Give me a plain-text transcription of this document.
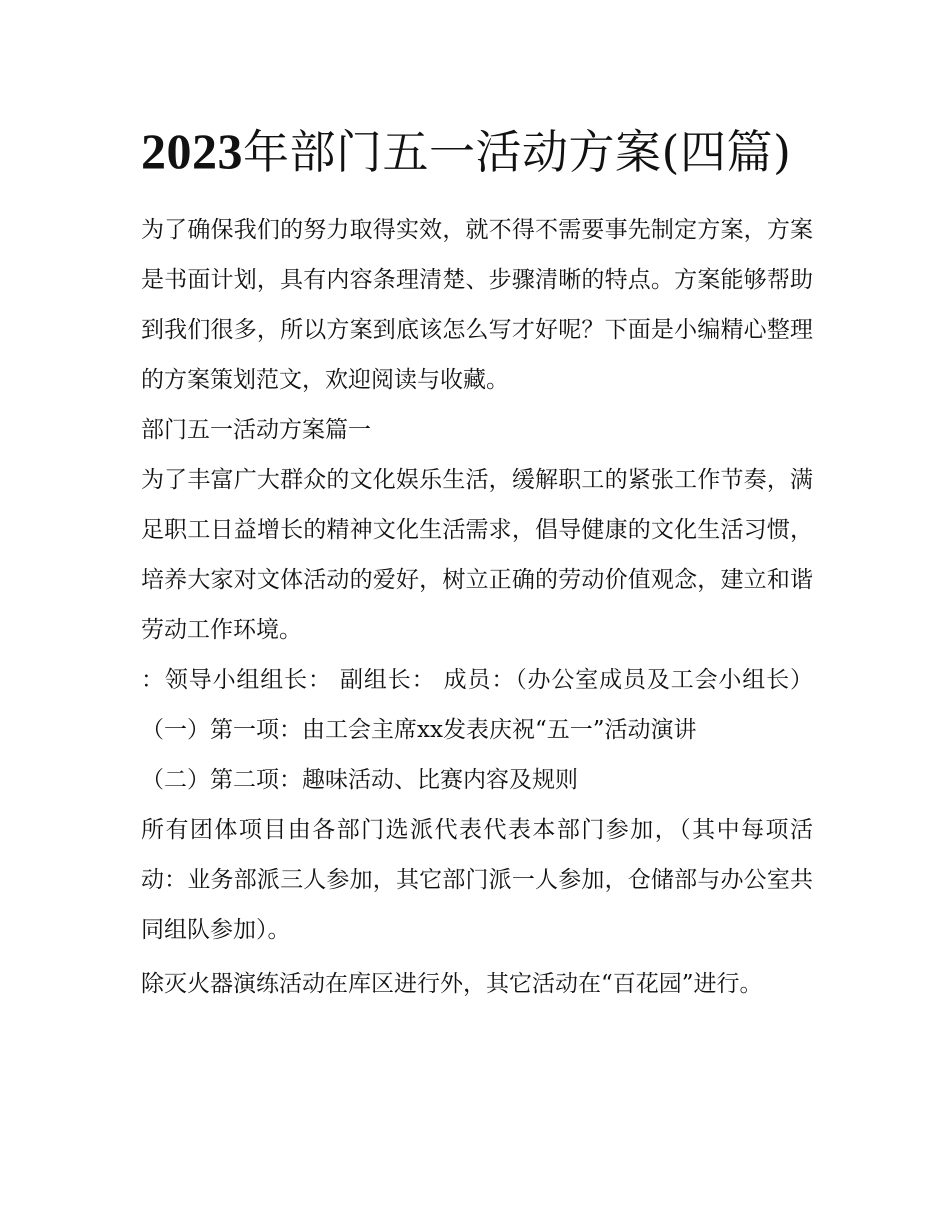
2023年部门五一活动方案(四篇)

为了确保我们的努力取得实效，就不得不需要事先制定方案，方案是书面计划，具有内容条理清楚、步骤清晰的特点。方案能够帮助到我们很多，所以方案到底该怎么写才好呢？下面是小编精心整理的方案策划范文，欢迎阅读与收藏。

部门五一活动方案篇一

为了丰富广大群众的文化娱乐生活，缓解职工的紧张工作节奏，满足职工日益增长的精神文化生活需求，倡导健康的文化生活习惯，培养大家对文体活动的爱好，树立正确的劳动价值观念，建立和谐劳动工作环境。

：领导小组组长： 副组长： 成员：（办公室成员及工会小组长）（一）第一项：由工会主席xx发表庆祝“五一”活动演讲

（二）第二项：趣味活动、比赛内容及规则

所有团体项目由各部门选派代表代表本部门参加，（其中每项活动：业务部派三人参加，其它部门派一人参加，仓储部与办公室共同组队参加）。

除灭火器演练活动在库区进行外，其它活动在“百花园”进行。
